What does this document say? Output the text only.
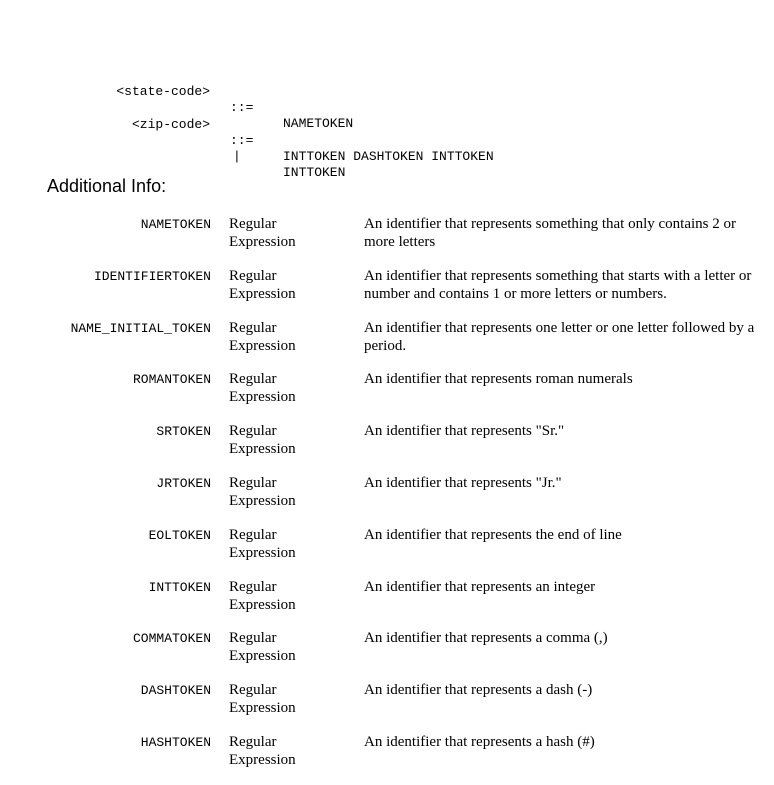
<state-code>

::=

NAMETOKEN

<zip-code>

::=

INTTOKEN DASHTOKEN INTTOKEN

|

INTTOKEN

Additional Info:
NAMETOKEN Regular Expression
An identifier that represents something that only contains 2 or more letters
IDENTIFIERTOKEN Regular Expression
An identifier that represents something that starts with a letter or number and contains 1 or more letters or numbers.
NAME_INITIAL_TOKEN Regular Expression
An identifier that represents one letter or one letter followed by a period.
ROMANTOKEN Regular Expression
An identifier that represents roman numerals
SRTOKEN Regular Expression
An identifier that represents "Sr."
JRTOKEN Regular Expression
An identifier that represents "Jr."
EOLTOKEN Regular Expression
An identifier that represents the end of line
INTTOKEN Regular Expression
An identifier that represents an integer
COMMATOKEN Regular Expression
An identifier that represents a comma (,)
DASHTOKEN Regular Expression
An identifier that represents a dash (-)
HASHTOKEN Regular Expression
An identifier that represents a hash (#)
